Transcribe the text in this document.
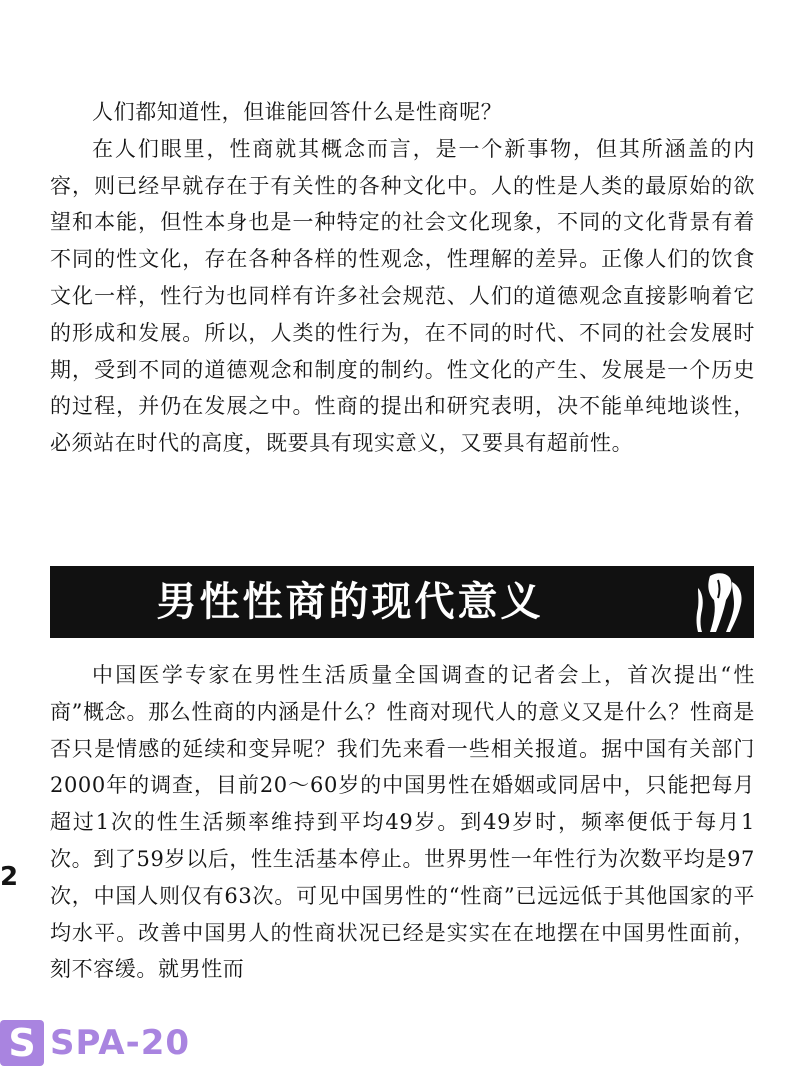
人们都知道性，但谁能回答什么是性商呢？

在人们眼里，性商就其概念而言，是一个新事物，但其所涵盖的内容，则已经早就存在于有关性的各种文化中。人的性是人类的最原始的欲望和本能，但性本身也是一种特定的社会文化现象，不同的文化背景有着不同的性文化，存在各种各样的性观念，性理解的差异。正像人们的饮食文化一样，性行为也同样有许多社会规范、人们的道德观念直接影响着它的形成和发展。所以，人类的性行为，在不同的时代、不同的社会发展时期，受到不同的道德观念和制度的制约。性文化的产生、发展是一个历史的过程，并仍在发展之中。性商的提出和研究表明，决不能单纯地谈性，必须站在时代的高度，既要具有现实意义，又要具有超前性。

男性性商的现代意义

中国医学专家在男性生活质量全国调查的记者会上，首次提出“性商”概念。那么性商的内涵是什么？性商对现代人的意义又是什么？性商是否只是情感的延续和变异呢？我们先来看一些相关报道。据中国有关部门2000年的调查，目前20～60岁的中国男性在婚姻或同居中，只能把每月超过1次的性生活频率维持到平均49岁。到49岁时，频率便低于每月1次。到了59岁以后，性生活基本停止。世界男性一年性行为次数平均是97次，中国人则仅有63次。可见中国男性的“性商”已远远低于其他国家的平均水平。改善中国男人的性商状况已经是实实在在地摆在中国男性面前，刻不容缓。就男性而

2
S SPA-20
